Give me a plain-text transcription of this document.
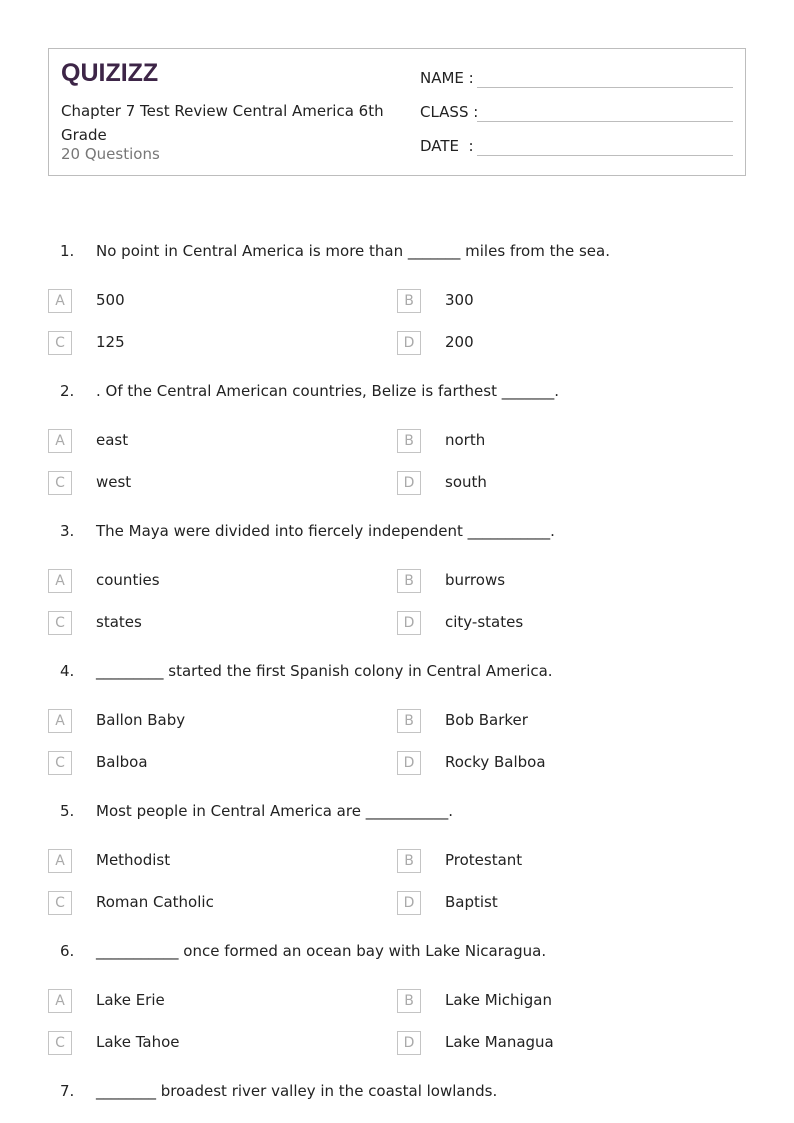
QUIZIZZ
Chapter 7 Test Review Central America 6th Grade
20 Questions
NAME :
CLASS :
DATE  :
1. No point in Central America is more than _______ miles from the sea.
A	500	B	300
C	125	D	200
2. . Of the Central American countries, Belize is farthest _______.
A	east	B	north
C	west	D	south
3. The Maya were divided into fiercely independent ___________.
A	counties	B	burrows
C	states	D	city-states
4. _________ started the first Spanish colony in Central America.
A	Ballon Baby	B	Bob Barker
C	Balboa	D	Rocky Balboa
5. Most people in Central America are ___________.
A	Methodist	B	Protestant
C	Roman Catholic	D	Baptist
6. ___________ once formed an ocean bay with Lake Nicaragua.
A	Lake Erie	B	Lake Michigan
C	Lake Tahoe	D	Lake Managua
7. ________ broadest river valley in the coastal lowlands.
